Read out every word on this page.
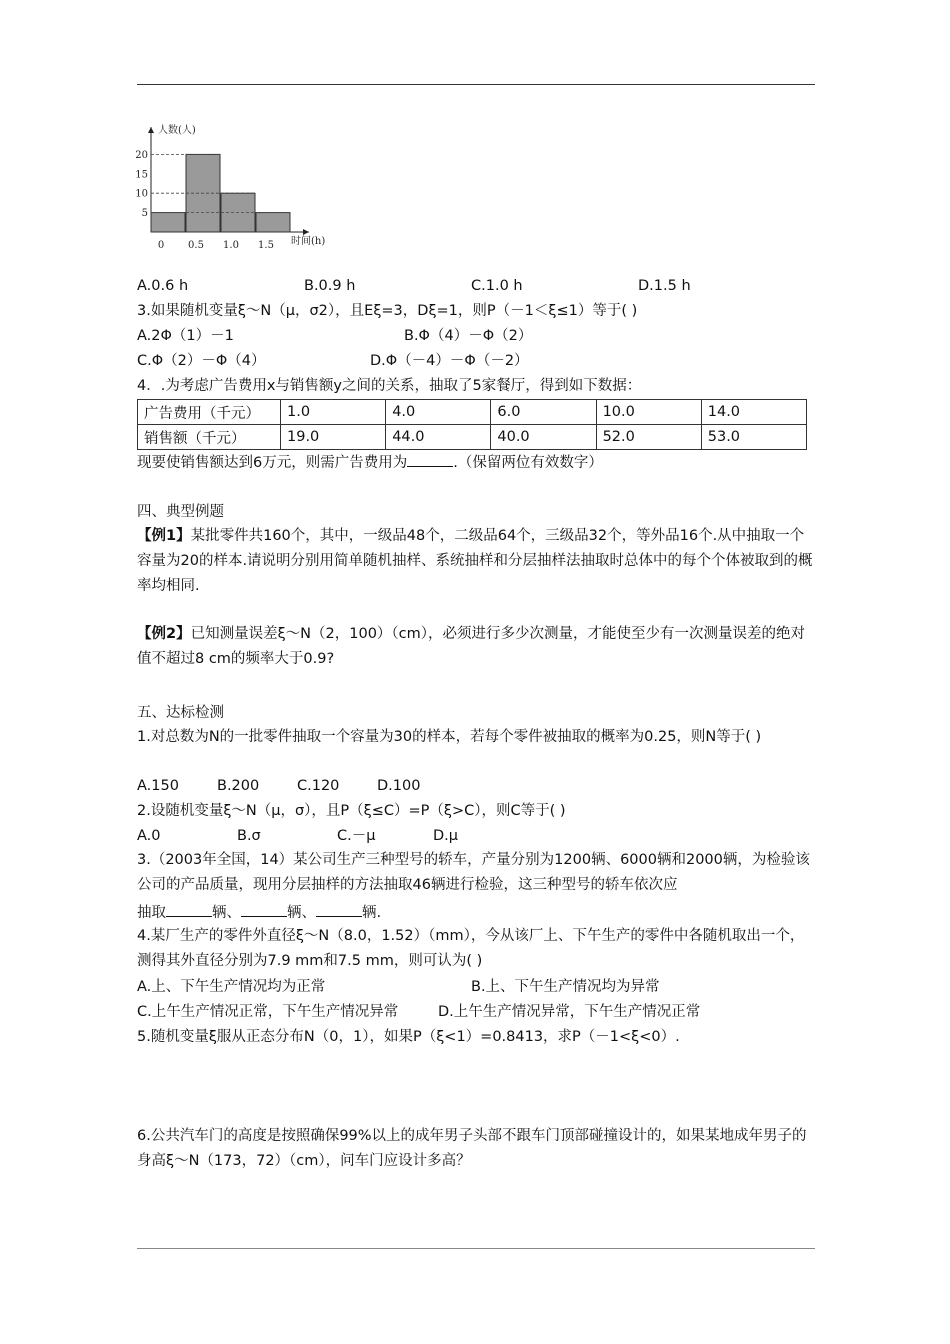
5
10
15
20
0 0.5 1.0 1.5
人数(人)
时间(h)
A.0.6 h	B.0.9 h	C.1.0 h	D.1.5 h
3.如果随机变量ξ～N（μ，σ2），且Eξ=3，Dξ=1，则P（－1＜ξ≤1）等于( )
A.2Φ（1）－1	B.Φ（4）－Φ（2）
C.Φ（2）－Φ（4）	D.Φ（－4）－Φ（－2）
4．.为考虑广告费用x与销售额y之间的关系，抽取了5家餐厅，得到如下数据：
广告费用（千元）	1.0	4.0	6.0	10.0	14.0
销售额（千元）	19.0	44.0	40.0	52.0	53.0
现要使销售额达到6万元，则需广告费用为	.（保留两位有效数字）
四、典型例题
【例1】某批零件共160个，其中，一级品48个，二级品64个，三级品32个，等外品16个.从中抽取一个容量为20的样本.请说明分别用简单随机抽样、系统抽样和分层抽样法抽取时总体中的每个个体被取到的概率均相同.
【例2】已知测量误差ξ～N（2，100）（cm），必须进行多少次测量，才能使至少有一次测量误差的绝对值不超过8 cm的频率大于0.9?
五、达标检测
1.对总数为N的一批零件抽取一个容量为30的样本，若每个零件被抽取的概率为0.25，则N等于( )
A.150	B.200	C.120	D.100
2.设随机变量ξ～N（μ，σ），且P（ξ≤C）=P（ξ>C），则C等于( )
A.0	B.σ	C.－μ	D.μ
3.（2003年全国，14）某公司生产三种型号的轿车，产量分别为1200辆、6000辆和2000辆，为检验该公司的产品质量，现用分层抽样的方法抽取46辆进行检验，这三种型号的轿车依次应
抽取	辆、	辆、	辆.
4.某厂生产的零件外直径ξ～N（8.0，1.52）（mm），今从该厂上、下午生产的零件中各随机取出一个，测得其外直径分别为7.9 mm和7.5 mm，则可认为( )
A.上、下午生产情况均为正常	B.上、下午生产情况均为异常
C.上午生产情况正常，下午生产情况异常	D.上午生产情况异常，下午生产情况正常
5.随机变量ξ服从正态分布N（0，1），如果P（ξ<1）=0.8413，求P（－1<ξ<0）.
6.公共汽车门的高度是按照确保99%以上的成年男子头部不跟车门顶部碰撞设计的，如果某地成年男子的身高ξ～N（173，72）（cm），问车门应设计多高？
